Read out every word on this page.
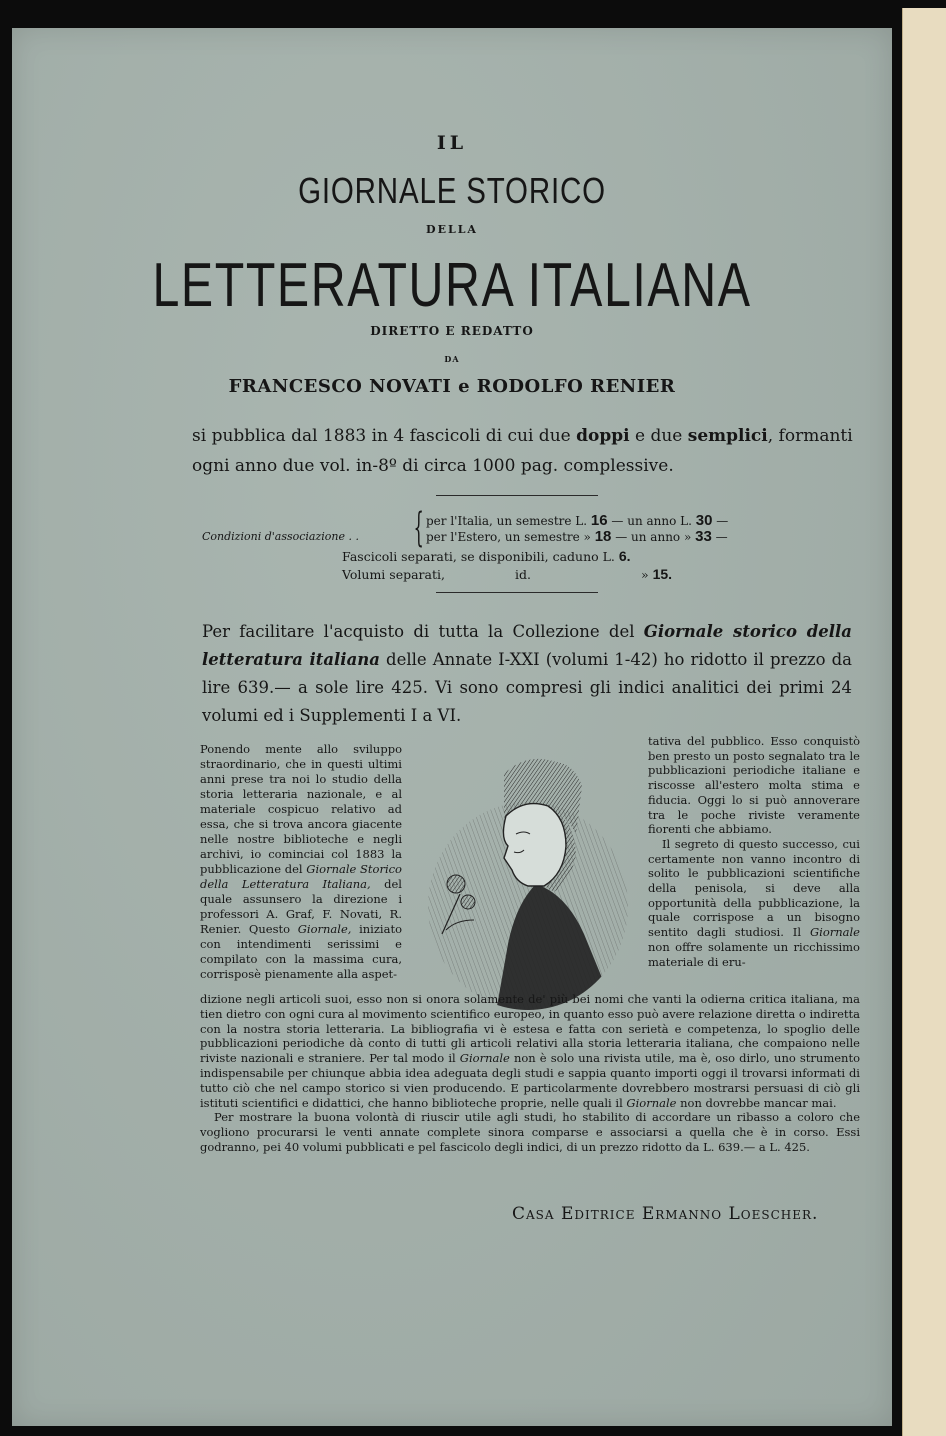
IL

GIORNALE STORICO

DELLA

LETTERATURA ITALIANA

DIRETTO E REDATTO

DA

FRANCESCO NOVATI e RODOLFO RENIER

si pubblica dal 1883 in 4 fascicoli di cui due doppi e due semplici, formanti

ogni anno due vol. in-8º di circa 1000 pag. complessive.

Condizioni d'associazione . . { per l'Italia, un semestre L. 16 — un anno L. 30 —

per l'Estero, un semestre » 18 — un anno » 33 —

Fascicoli separati, se disponibili, caduno L. 6.

Volumi separati,	id.	» 15.

Per facilitare l'acquisto di tutta la Collezione del Giornale storico della letteratura italiana delle Annate I-XXI (volumi 1-42) ho ridotto il prezzo da lire 639.— a sole lire 425. Vi sono compresi gli indici analitici dei primi 24 volumi ed i Supplementi I a VI.

Ponendo mente allo sviluppo straordinario, che in questi ultimi anni prese tra noi lo studio della storia letteraria nazionale, e al materiale cospicuo relativo ad essa, che si trova ancora giacente nelle nostre biblioteche e negli archivi, io cominciai col 1883 la pubblicazione del Giornale Storico della Letteratura Italiana, del quale assunsero la direzione i professori A. Graf, F. Novati, R. Renier. Questo Giornale, iniziato con intendimenti serissimi e compilato con la massima cura, corrisposè pienamente alla aspet-

tativa del pubblico. Esso conquistò ben presto un posto segnalato tra le pubblicazioni periodiche italiane e riscosse all'estero molta stima e fiducia. Oggi lo si può annoverare tra le poche riviste veramente fiorenti che abbiamo.
Il segreto di questo successo, cui certamente non vanno incontro di solito le pubblicazioni scientifiche della penisola, si deve alla opportunità della pubblicazione, la quale corrispose a un bisogno sentito dagli studiosi. Il Giornale non offre solamente un ricchissimo materiale di eru-

dizione negli articoli suoi, esso non si onora solamente de' più bei nomi che vanti la odierna critica italiana, ma tien dietro con ogni cura al movimento scientifico europeo, in quanto esso può avere relazione diretta o indiretta con la nostra storia letteraria. La bibliografia vi è estesa e fatta con serietà e competenza, lo spoglio delle pubblicazioni periodiche dà conto di tutti gli articoli relativi alla storia letteraria italiana, che compaiono nelle riviste nazionali e straniere. Per tal modo il Giornale non è solo una rivista utile, ma è, oso dirlo, uno strumento indispensabile per chiunque abbia idea adeguata degli studi e sappia quanto importi oggi il trovarsi informati di tutto ciò che nel campo storico si vien producendo. E particolarmente dovrebbero mostrarsi persuasi di ciò gli istituti scientifici e didattici, che hanno biblioteche proprie, nelle quali il Giornale non dovrebbe mancar mai.
Per mostrare la buona volontà di riuscir utile agli studi, ho stabilito di accordare un ribasso a coloro che vogliono procurarsi le venti annate complete sinora comparse e associarsi a quella che è in corso. Essi godranno, pei 40 volumi pubblicati e pel fascicolo degli indici, di un prezzo ridotto da L. 639.— a L. 425.

Casa Editrice Ermanno Loescher.
